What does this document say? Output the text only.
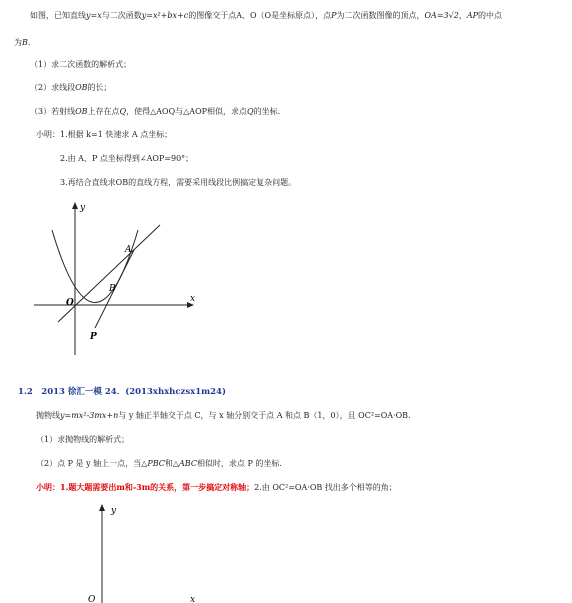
如图，已知直线y=x与二次函数y=x²+bx+c的图像交于点A、O（O是坐标原点），点P为二次函数图像的顶点，OA=3√2，AP的中点
为B.
（1）求二次函数的解析式；
（2）求线段OB的长；
（3）若射线OB上存在点Q，使得△AOQ与△AOP相似，求点Q的坐标.
小明：1.根据 k=1 快速求 A 点坐标；
2.由 A、P 点坐标得到∠AOP=90°；
3.再结合直线求OB的直线方程，需要采用线段比例搞定复杂问题。
y
x
O
A
B
P
1.2　2013 徐汇一模 24．(2013xhxhczsx1m24)
抛物线y=mx²-3mx+n与 y 轴正半轴交于点 C，与 x 轴分别交于点 A 和点 B（1，0），且 OC²=OA·OB.
（1）求抛物线的解析式；
（2）点 P 是 y 轴上一点，当△PBC和△ABC相似时，求点 P 的坐标.
小明：1.题大题需要出m和-3m的关系，第一步搞定对称轴；2.由 OC²=OA·OB 找出多个相等的角；
y
O	x
